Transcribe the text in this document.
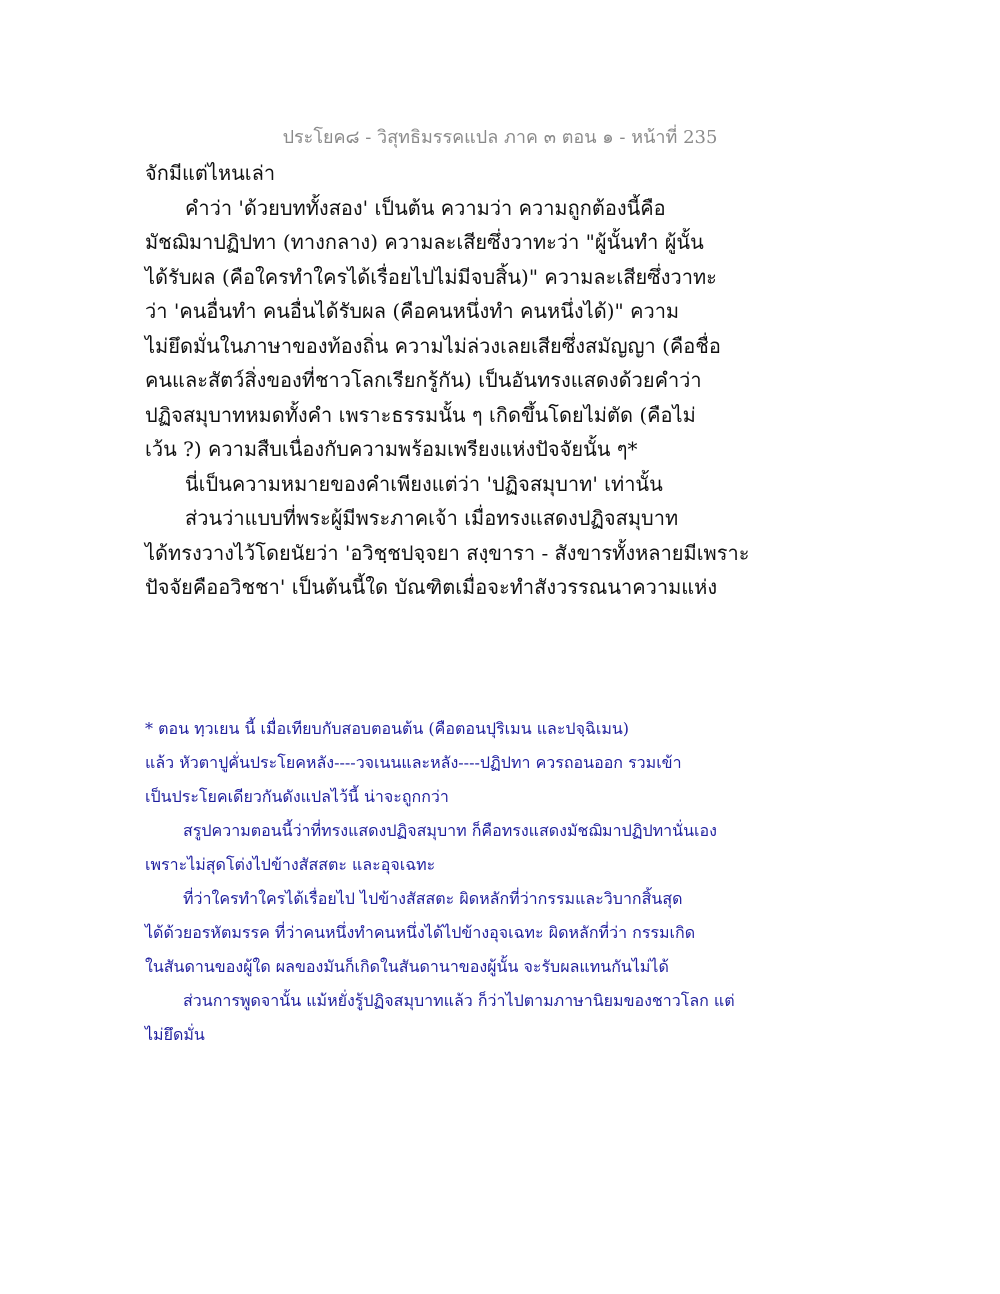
ประโยค๘ - วิสุทธิมรรคแปล ภาค ๓ ตอน ๑ - หน้าที่ 235
จักมีแต่ไหนเล่า
คำว่า 'ด้วยบททั้งสอง' เป็นต้น ความว่า ความถูกต้องนี้คือ
มัชฌิมาปฏิปทา (ทางกลาง) ความละเสียซึ่งวาทะว่า "ผู้นั้นทำ ผู้นั้น
ได้รับผล (คือใครทำใครได้เรื่อยไปไม่มีจบสิ้น)" ความละเสียซึ่งวาทะ
ว่า 'คนอื่นทำ คนอื่นได้รับผล (คือคนหนึ่งทำ คนหนึ่งได้)" ความ
ไม่ยึดมั่นในภาษาของท้องถิ่น ความไม่ล่วงเลยเสียซึ่งสมัญญา (คือชื่อ
คนและสัตว์สิ่งของที่ชาวโลกเรียกรู้กัน) เป็นอันทรงแสดงด้วยคำว่า
ปฏิจสมุบาทหมดทั้งคำ เพราะธรรมนั้น ๆ เกิดขึ้นโดยไม่ตัด (คือไม่
เว้น ?) ความสืบเนื่องกับความพร้อมเพรียงแห่งปัจจัยนั้น ๆ*
นี่เป็นความหมายของคำเพียงแต่ว่า 'ปฏิจสมุบาท' เท่านั้น
ส่วนว่าแบบที่พระผู้มีพระภาคเจ้า เมื่อทรงแสดงปฏิจสมุบาท
ได้ทรงวางไว้โดยนัยว่า 'อวิชฺชปจฺจยา สงฺขารา - สังขารทั้งหลายมีเพราะ
ปัจจัยคืออวิชชา' เป็นต้นนี้ใด บัณฑิตเมื่อจะทำสังวรรณนาความแห่ง
* ตอน ทฺวเยน นี้ เมื่อเทียบกับสอบตอนต้น (คือตอนปุริเมน และปจฺฉิเมน)
แล้ว หัวตาปูคั่นประโยคหลัง----วจเนนและหลัง----ปฏิปทา ควรถอนออก รวมเข้า
เป็นประโยคเดียวกันดังแปลไว้นี้ น่าจะถูกกว่า
สรูปความตอนนี้ว่าที่ทรงแสดงปฏิจสมุบาท ก็คือทรงแสดงมัชฌิมาปฏิปทานั่นเอง
เพราะไม่สุดโต่งไปข้างสัสสตะ และอุจเฉทะ
ที่ว่าใครทำใครได้เรื่อยไป ไปข้างสัสสตะ ผิดหลักที่ว่ากรรมและวิบากสิ้นสุด
ได้ด้วยอรหัตมรรค ที่ว่าคนหนึ่งทำคนหนึ่งได้ไปข้างอุจเฉทะ ผิดหลักที่ว่า กรรมเกิด
ในสันดานของผู้ใด ผลของมันก็เกิดในสันดานาของผู้นั้น จะรับผลแทนกันไม่ได้
ส่วนการพูดจานั้น แม้หยั่งรู้ปฏิจสมุบาทแล้ว ก็ว่าไปตามภาษานิยมของชาวโลก แต่
ไม่ยึดมั่น
